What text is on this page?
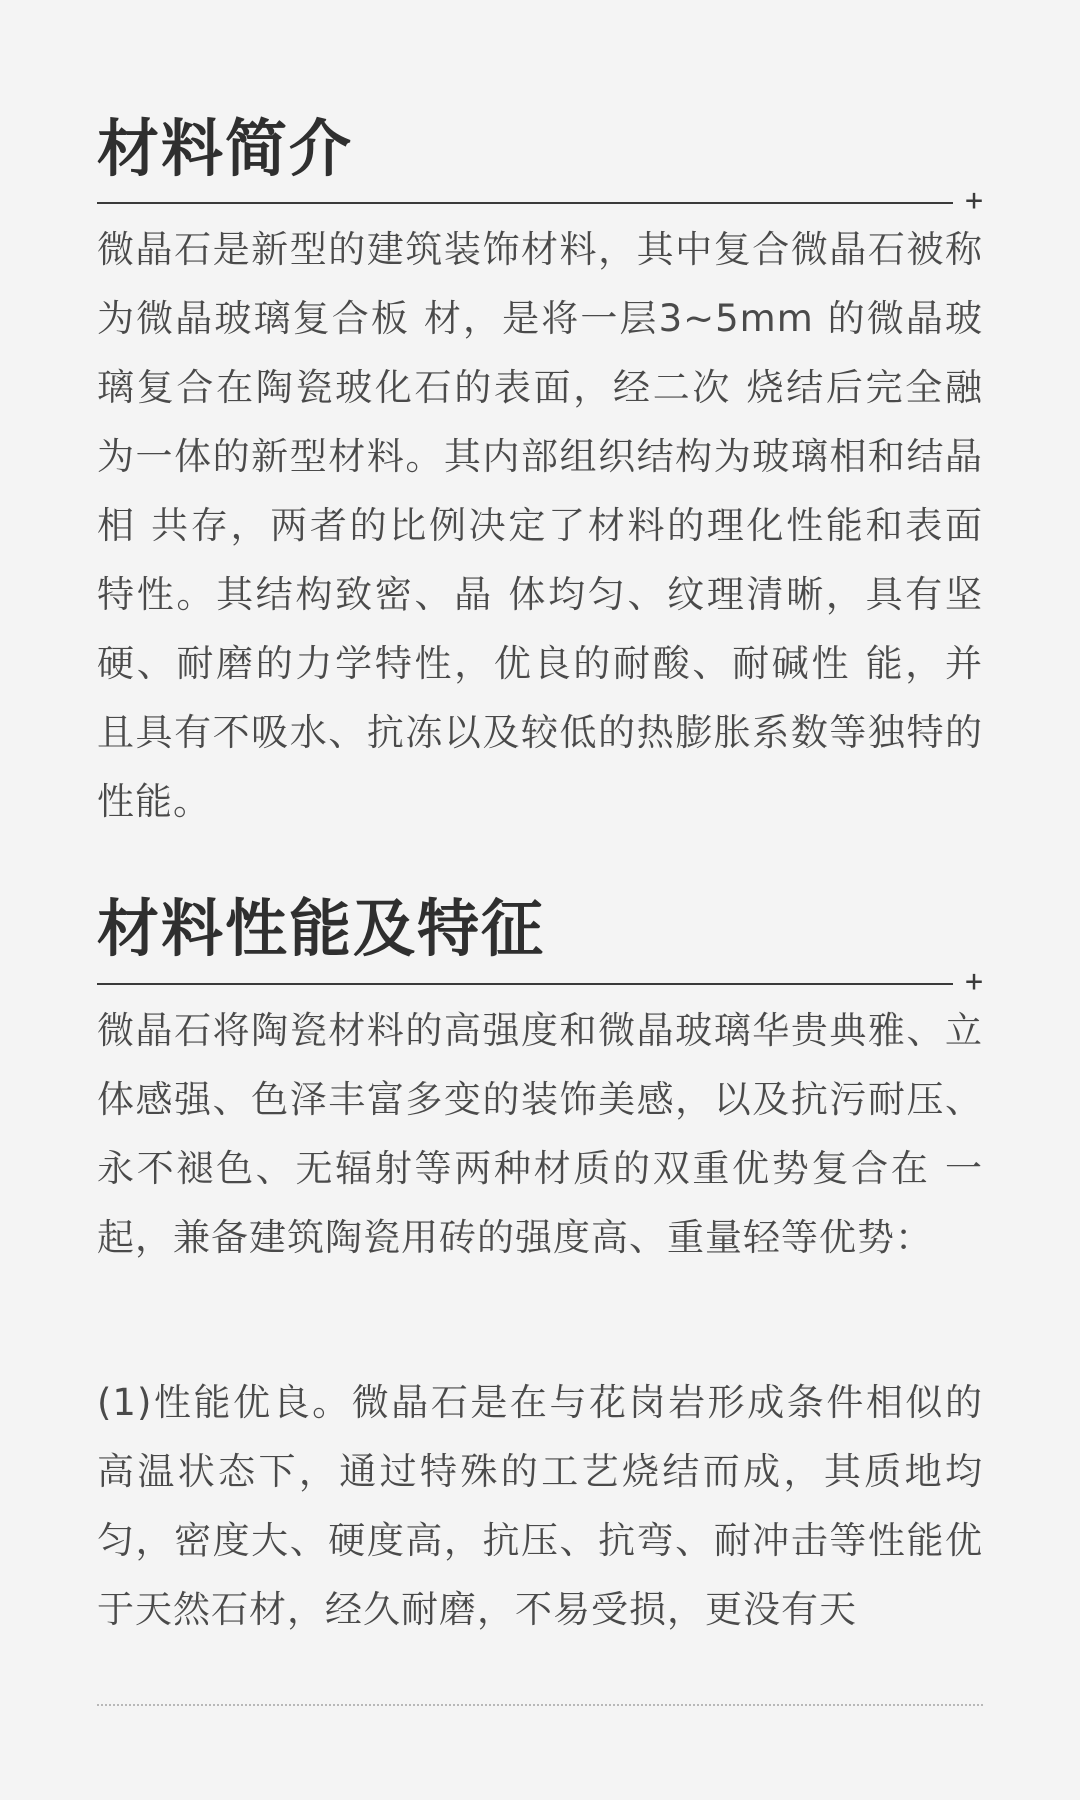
材料简介
+

微晶石是新型的建筑装饰材料，其中复合微晶石被称为微晶玻璃复合板 材，是将一层3~5mm 的微晶玻璃复合在陶瓷玻化石的表面，经二次 烧结后完全融为一体的新型材料。其内部组织结构为玻璃相和结晶相 共存，两者的比例决定了材料的理化性能和表面特性。其结构致密、晶 体均匀、纹理清晰，具有坚硬、耐磨的力学特性，优良的耐酸、耐碱性 能，并且具有不吸水、抗冻以及较低的热膨胀系数等独特的性能。

材料性能及特征
+

微晶石将陶瓷材料的高强度和微晶玻璃华贵典雅、立体感强、色泽丰富多变的装饰美感，以及抗污耐压、永不褪色、无辐射等两种材质的双重优势复合在 一起，兼备建筑陶瓷用砖的强度高、重量轻等优势：

(1)性能优良。微晶石是在与花岗岩形成条件相似的高温状态下，通过特殊的工艺烧结而成，其质地均匀，密度大、硬度高，抗压、抗弯、耐冲击等性能优于天然石材，经久耐磨，不易受损，更没有天
